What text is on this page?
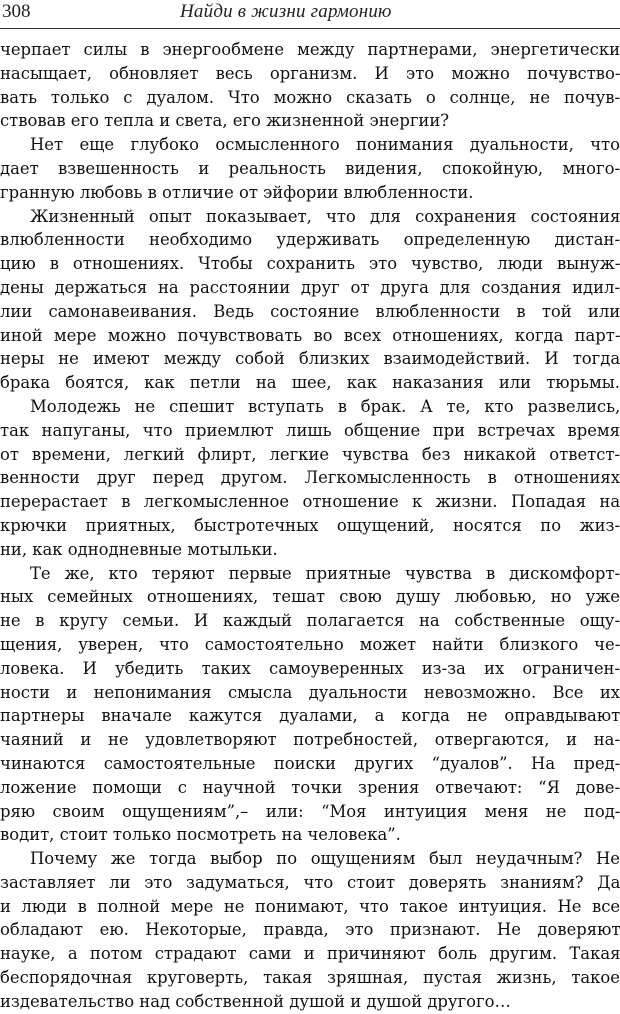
308	Найди в жизни гармонию
черпает силы в энергообмене между партнерами, энергетически
насыщает, обновляет весь организм. И это можно почувство-
вать только с дуалом. Что можно сказать о солнце, не почув-
ствовав его тепла и света, его жизненной энергии?
Нет еще глубоко осмысленного понимания дуальности, что
дает взвешенность и реальность видения, спокойную, много-
гранную любовь в отличие от эйфории влюбленности.
Жизненный опыт показывает, что для сохранения состояния
влюбленности необходимо удерживать определенную дистан-
цию в отношениях. Чтобы сохранить это чувство, люди вынуж-
дены держаться на расстоянии друг от друга для создания идил-
лии самонавеивания. Ведь состояние влюбленности в той или
иной мере можно почувствовать во всех отношениях, когда парт-
неры не имеют между собой близких взаимодействий. И тогда
брака боятся, как петли на шее, как наказания или тюрьмы.
Молодежь не спешит вступать в брак. А те, кто развелись,
так напуганы, что приемлют лишь общение при встречах время
от времени, легкий флирт, легкие чувства без никакой ответст-
венности друг перед другом. Легкомысленность в отношениях
перерастает в легкомысленное отношение к жизни. Попадая на
крючки приятных, быстротечных ощущений, носятся по жиз-
ни, как однодневные мотыльки.
Те же, кто теряют первые приятные чувства в дискомфорт-
ных семейных отношениях, тешат свою душу любовью, но уже
не в кругу семьи. И каждый полагается на собственные ощу-
щения, уверен, что самостоятельно может найти близкого че-
ловека. И убедить таких самоуверенных из-за их ограничен-
ности и непонимания смысла дуальности невозможно. Все их
партнеры вначале кажутся дуалами, а когда не оправдывают
чаяний и не удовлетворяют потребностей, отвергаются, и на-
чинаются самостоятельные поиски других “дуалов”. На пред-
ложение помощи с научной точки зрения отвечают: “Я дове-
ряю своим ощущениям”,– или: “Моя интуиция меня не под-
водит, стоит только посмотреть на человека”.
Почему же тогда выбор по ощущениям был неудачным? Не
заставляет ли это задуматься, что стоит доверять знаниям? Да
и люди в полной мере не понимают, что такое интуиция. Не все
обладают ею. Некоторые, правда, это признают. Не доверяют
науке, а потом страдают сами и причиняют боль другим. Такая
беспорядочная круговерть, такая зряшная, пустая жизнь, такое
издевательство над собственной душой и душой другого…
